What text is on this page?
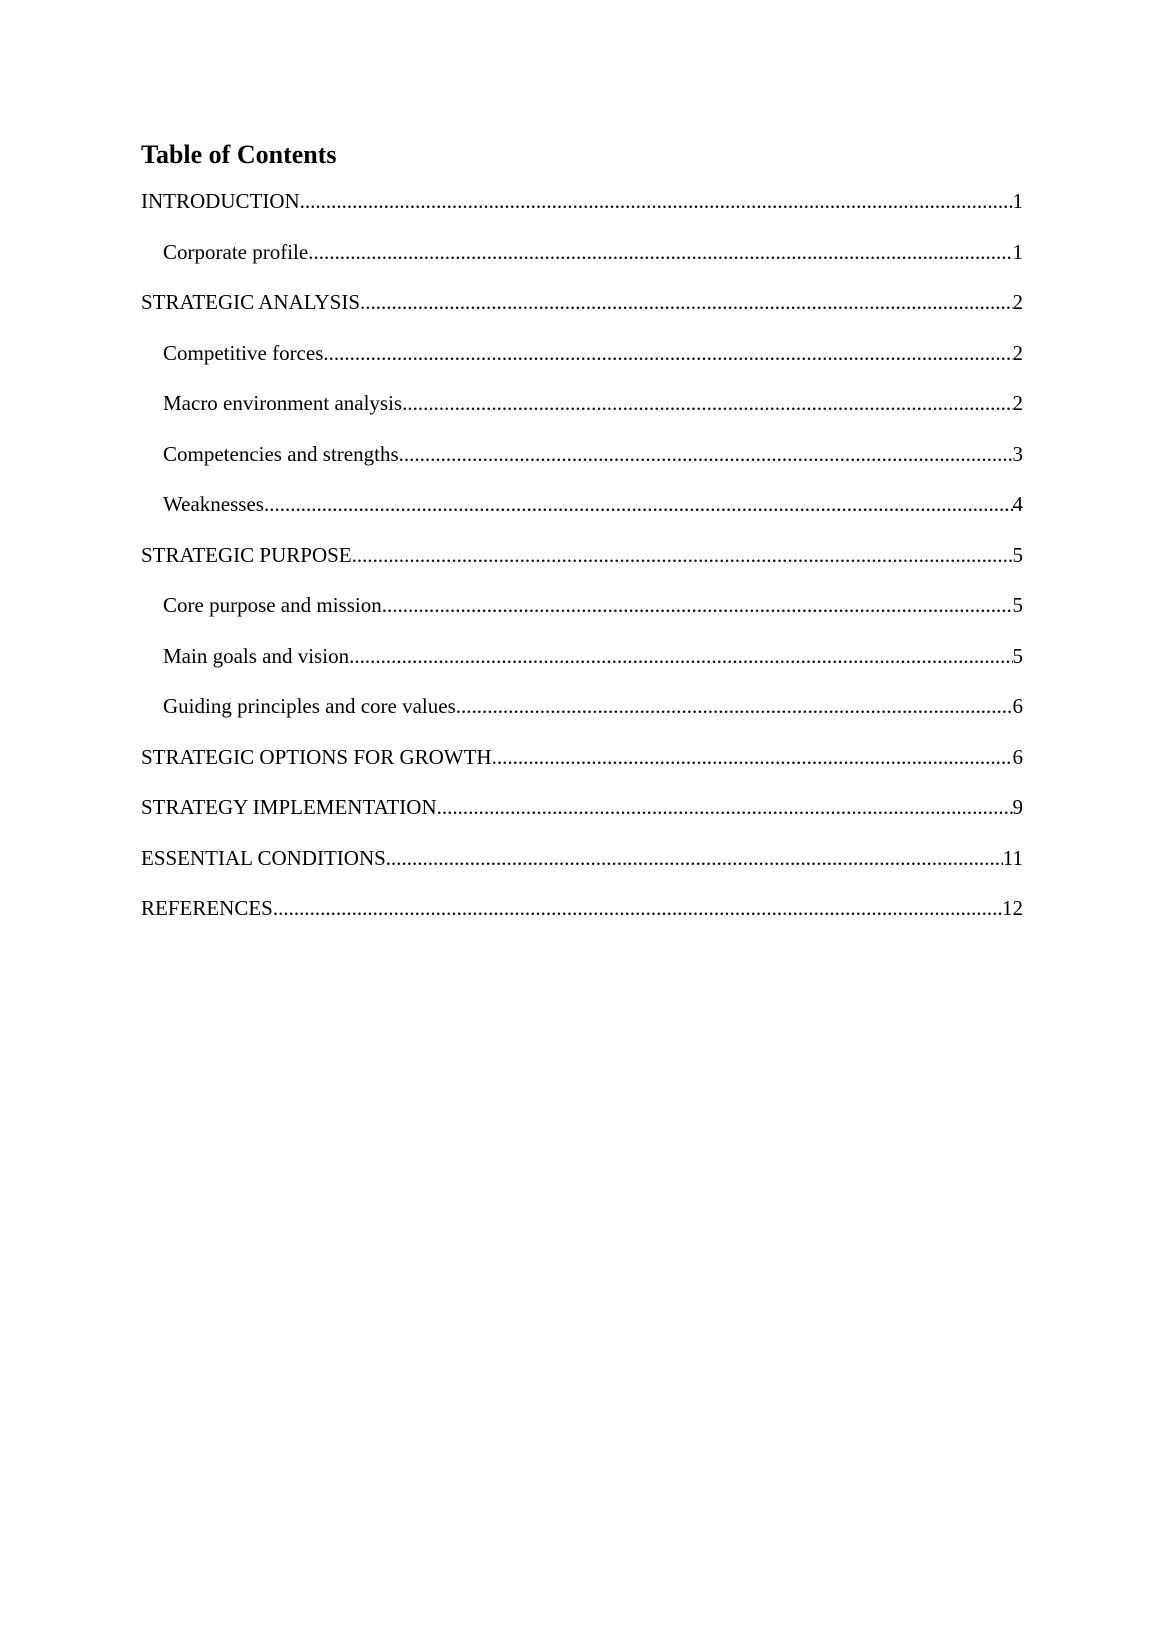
Table of Contents
INTRODUCTION .....	1
Corporate profile .....	1
STRATEGIC ANALYSIS .....	2
Competitive forces .....	2
Macro environment analysis .....	2
Competencies and strengths .....	3
Weaknesses .....	4
STRATEGIC PURPOSE .....	5
Core purpose and mission .....	5
Main goals and vision .....	5
Guiding principles and core values .....	6
STRATEGIC OPTIONS FOR GROWTH .....	6
STRATEGY IMPLEMENTATION .....	9
ESSENTIAL CONDITIONS .....	11
REFERENCES .....	12
